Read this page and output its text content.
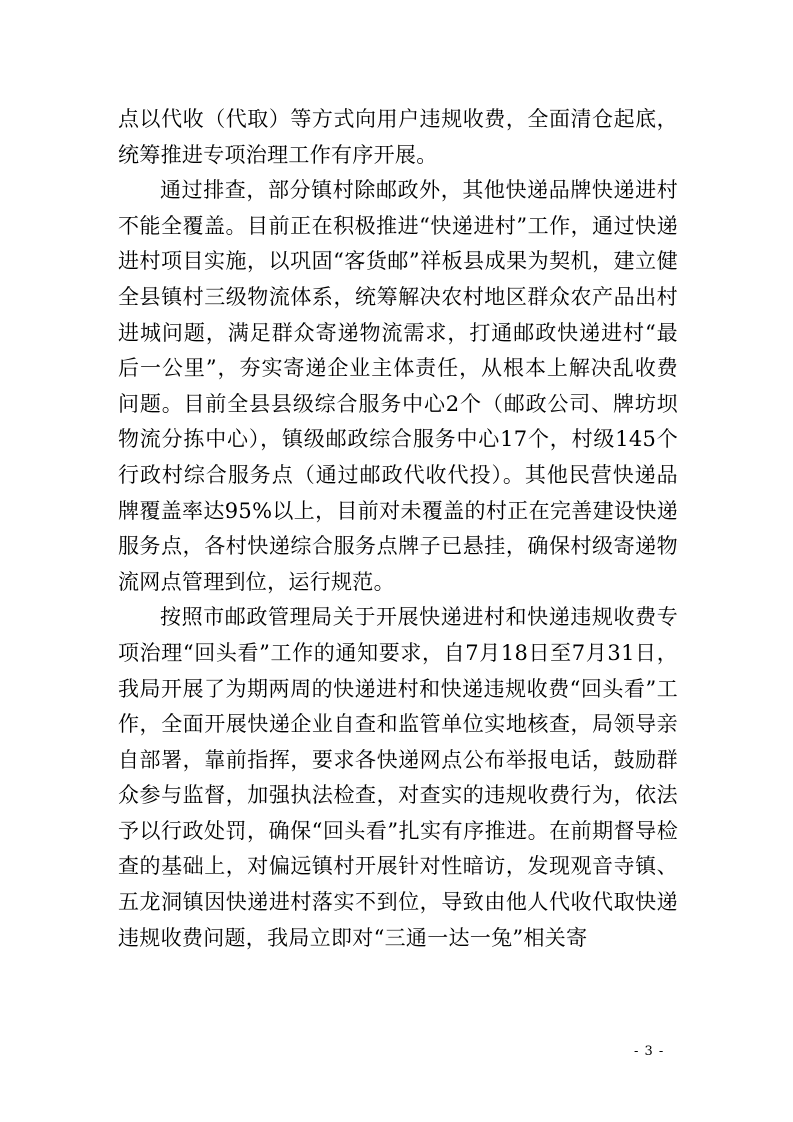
点以代收（代取）等方式向用户违规收费，全面清仓起底，统筹推进专项治理工作有序开展。

通过排查，部分镇村除邮政外，其他快递品牌快递进村不能全覆盖。目前正在积极推进“快递进村”工作，通过快递进村项目实施，以巩固“客货邮”祥板县成果为契机，建立健全县镇村三级物流体系，统筹解决农村地区群众农产品出村进城问题，满足群众寄递物流需求，打通邮政快递进村“最后一公里”，夯实寄递企业主体责任，从根本上解决乱收费问题。目前全县县级综合服务中心2个（邮政公司、牌坊坝物流分拣中心），镇级邮政综合服务中心17个，村级145个行政村综合服务点（通过邮政代收代投）。其他民营快递品牌覆盖率达95%以上，目前对未覆盖的村正在完善建设快递服务点，各村快递综合服务点牌子已悬挂，确保村级寄递物流网点管理到位，运行规范。

按照市邮政管理局关于开展快递进村和快递违规收费专项治理“回头看”工作的通知要求，自7月18日至7月31日，我局开展了为期两周的快递进村和快递违规收费“回头看”工作，全面开展快递企业自查和监管单位实地核查，局领导亲自部署，靠前指挥，要求各快递网点公布举报电话，鼓励群众参与监督，加强执法检查，对查实的违规收费行为，依法予以行政处罚，确保“回头看”扎实有序推进。在前期督导检查的基础上，对偏远镇村开展针对性暗访，发现观音寺镇、五龙洞镇因快递进村落实不到位，导致由他人代收代取快递违规收费问题，我局立即对“三通一达一兔”相关寄

- 3 -
